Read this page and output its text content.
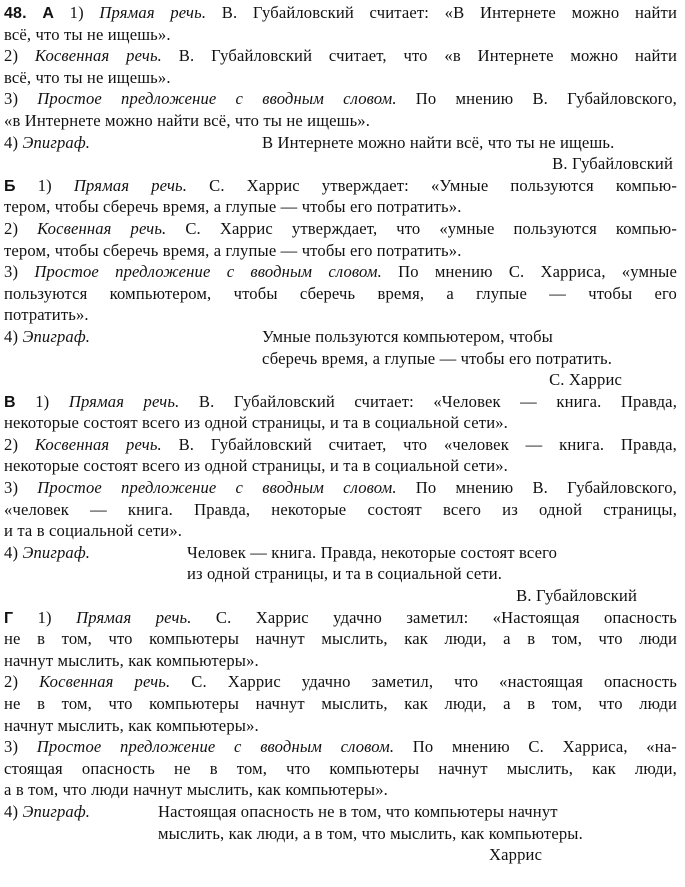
48. А 1) Прямая речь. В. Губайловский считает: «В Интернете можно найти
всё, что ты не ищешь».
2) Косвенная речь. В. Губайловский считает, что «в Интернете можно найти
всё, что ты не ищешь».
3) Простое предложение с вводным словом. По мнению В. Губайловского,
«в Интернете можно найти всё, что ты не ищешь».
4) Эпиграф.	В Интернете можно найти всё, что ты не ищешь.
В. Губайловский
Б 1) Прямая речь. С. Харрис утверждает: «Умные пользуются компью-
тером, чтобы сберечь время, а глупые — чтобы его потратить».
2) Косвенная речь. С. Харрис утверждает, что «умные пользуются компью-
тером, чтобы сберечь время, а глупые — чтобы его потратить».
3) Простое предложение с вводным словом. По мнению С. Харриса, «умные
пользуются компьютером, чтобы сберечь время, а глупые — чтобы его
потратить».
4) Эпиграф.	Умные пользуются компьютером, чтобы
сберечь время, а глупые — чтобы его потратить.
С. Харрис
В 1) Прямая речь. В. Губайловский считает: «Человек — книга. Правда,
некоторые состоят всего из одной страницы, и та в социальной сети».
2) Косвенная речь. В. Губайловский считает, что «человек — книга. Правда,
некоторые состоят всего из одной страницы, и та в социальной сети».
3) Простое предложение с вводным словом. По мнению В. Губайловского,
«человек — книга. Правда, некоторые состоят всего из одной страницы,
и та в социальной сети».
4) Эпиграф.	Человек — книга. Правда, некоторые состоят всего
из одной страницы, и та в социальной сети.
В. Губайловский
Г 1) Прямая речь. С. Харрис удачно заметил: «Настоящая опасность
не в том, что компьютеры начнут мыслить, как люди, а в том, что люди
начнут мыслить, как компьютеры».
2) Косвенная речь. С. Харрис удачно заметил, что «настоящая опасность
не в том, что компьютеры начнут мыслить, как люди, а в том, что люди
начнут мыслить, как компьютеры».
3) Простое предложение с вводным словом. По мнению С. Харриса, «на-
стоящая опасность не в том, что компьютеры начнут мыслить, как люди,
а в том, что люди начнут мыслить, как компьютеры».
4) Эпиграф.	Настоящая опасность не в том, что компьютеры начнут
мыслить, как люди, а в том, что мыслить, как компьютеры.
Харрис
